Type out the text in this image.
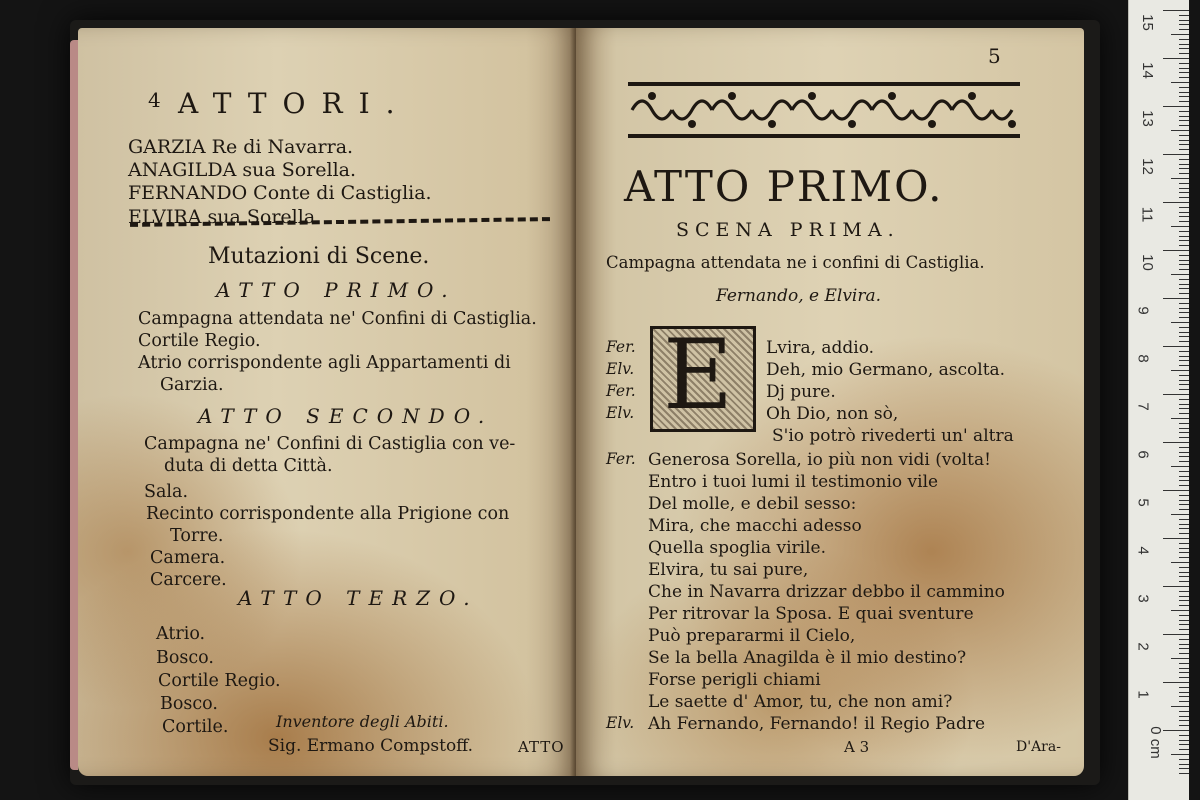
4 ATTORI.
GARZIA Re di Navarra.
ANAGILDA sua Sorella.
FERNANDO Conte di Castiglia.
ELVIRA sua Sorella.
Mutazioni di Scene.
ATTO PRIMO.
Campagna attendata ne' Confini di Castiglia.
Cortile Regio.
Atrio corrispondente agli Appartamenti di
Garzia.
ATTO SECONDO.
Campagna ne' Confini di Castiglia con ve-
duta di detta Città.
Sala.
Recinto corrispondente alla Prigione con
Torre.
Camera.
Carcere.
ATTO TERZO.
Atrio.
Bosco.
Cortile Regio.
Bosco.
Cortile.	Inventore degli Abiti.
Sig. Ermano Compstoff.	ATTO
5
ATTO PRIMO.
SCENA PRIMA.
Campagna attendata ne i confini di Castiglia.
Fernando, e Elvira.
E
Fer.	Lvira, addio.
Elv.	Deh, mio Germano, ascolta.
Fer.	Dj pure.
Elv.	Oh Dio, non sò,
S'io potrò rivederti un' altra
Fer. Generosa Sorella, io più non vidi (volta!
Entro i tuoi lumi il testimonio vile
Del molle, e debil sesso:
Mira, che macchi adesso
Quella spoglia virile.
Elvira, tu sai pure,
Che in Navarra drizzar debbo il cammino
Per ritrovar la Sposa. E quai sventure
Può prepararmi il Cielo,
Se la bella Anagilda è il mio destino?
Forse perigli chiami
Le saette d' Amor, tu, che non ami?
Elv. Ah Fernando, Fernando! il Regio Padre
A 3	D'Ara-
15
14
13
12
11
10
9
8
7
6
5
4
3
2
1
0 cm
